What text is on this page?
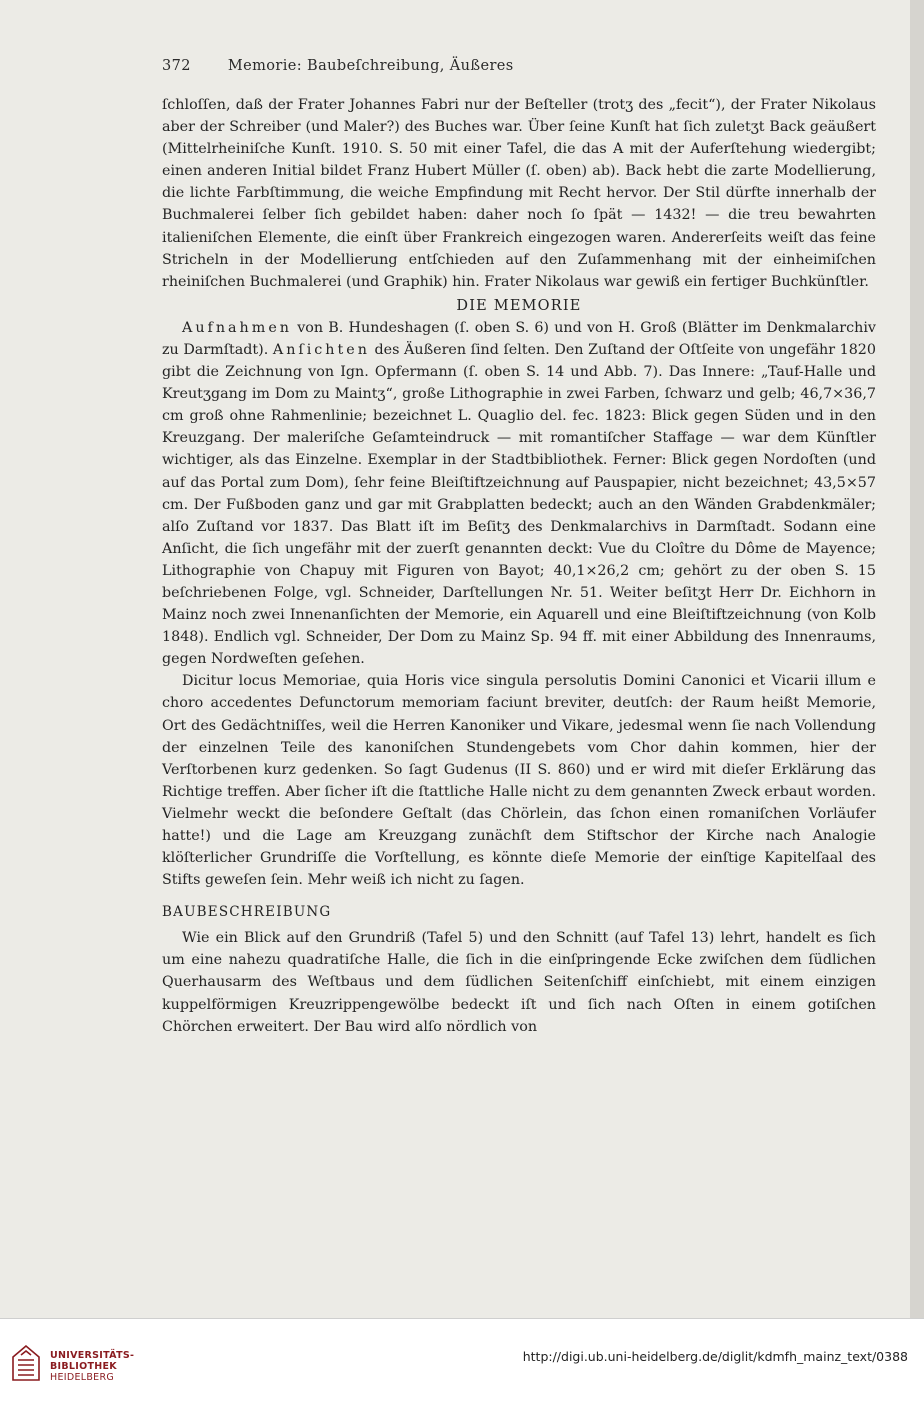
372	Memorie: Baubeſchreibung, Äußeres

ſchloſſen, daß der Frater Johannes Fabri nur der Beſteller (trotʒ des „fecit“), der Frater Nikolaus aber der Schreiber (und Maler?) des Buches war. Über ſeine Kunſt hat ſich zuletʒt Back geäußert (Mittelrheiniſche Kunſt. 1910. S. 50 mit einer Tafel, die das A mit der Auferſtehung wiedergibt; einen anderen Initial bildet Franz Hubert Müller (ſ. oben) ab). Back hebt die zarte Modellierung, die lichte Farbſtimmung, die weiche Empfindung mit Recht hervor. Der Stil dürfte innerhalb der Buchmalerei ſelber ſich gebildet haben: daher noch ſo ſpät — 1432! — die treu bewahrten italieniſchen Elemente, die einſt über Frankreich eingezogen waren. Andererſeits weiſt das feine Stricheln in der Modellierung entſchieden auf den Zuſammenhang mit der einheimiſchen rheiniſchen Buchmalerei (und Graphik) hin. Frater Nikolaus war gewiß ein fertiger Buchkünſtler.

DIE MEMORIE

Aufnahmen von B. Hundeshagen (ſ. oben S. 6) und von H. Groß (Blätter im Denkmalarchiv zu Darmſtadt). Anſichten des Äußeren ſind ſelten. Den Zuſtand der Oſtſeite von ungefähr 1820 gibt die Zeichnung von Ign. Opfermann (ſ. oben S. 14 und Abb. 7). Das Innere: „Tauf-Halle und Kreutʒgang im Dom zu Maintʒ“, große Lithographie in zwei Farben, ſchwarz und gelb; 46,7×36,7 cm groß ohne Rahmenlinie; bezeichnet L. Quaglio del. fec. 1823: Blick gegen Süden und in den Kreuzgang. Der maleriſche Geſamteindruck — mit romantiſcher Staffage — war dem Künſtler wichtiger, als das Einzelne. Exemplar in der Stadtbibliothek. Ferner: Blick gegen Nordoſten (und auf das Portal zum Dom), ſehr feine Bleiſtiftzeichnung auf Pauspapier, nicht bezeichnet; 43,5×57 cm. Der Fußboden ganz und gar mit Grabplatten bedeckt; auch an den Wänden Grabdenkmäler; alſo Zuſtand vor 1837. Das Blatt iſt im Beſitʒ des Denkmalarchivs in Darmſtadt. Sodann eine Anſicht, die ſich ungefähr mit der zuerſt genannten deckt: Vue du Cloître du Dôme de Mayence; Lithographie von Chapuy mit Figuren von Bayot; 40,1×26,2 cm; gehört zu der oben S. 15 beſchriebenen Folge, vgl. Schneider, Darſtellungen Nr. 51. Weiter beſitʒt Herr Dr. Eichhorn in Mainz noch zwei Innenanſichten der Memorie, ein Aquarell und eine Bleiſtiftzeichnung (von Kolb 1848). Endlich vgl. Schneider, Der Dom zu Mainz Sp. 94 ff. mit einer Abbildung des Innenraums, gegen Nordweſten geſehen.

Dicitur locus Memoriae, quia Horis vice singula persolutis Domini Canonici et Vicarii illum e choro accedentes Defunctorum memoriam faciunt breviter, deutſch: der Raum heißt Memorie, Ort des Gedächtniſſes, weil die Herren Kanoniker und Vikare, jedesmal wenn ſie nach Vollendung der einzelnen Teile des kanoniſchen Stundengebets vom Chor dahin kommen, hier der Verſtorbenen kurz gedenken. So ſagt Gudenus (II S. 860) und er wird mit dieſer Erklärung das Richtige treffen. Aber ſicher iſt die ſtattliche Halle nicht zu dem genannten Zweck erbaut worden. Vielmehr weckt die beſondere Geſtalt (das Chörlein, das ſchon einen romaniſchen Vorläufer hatte!) und die Lage am Kreuzgang zunächſt dem Stiftschor der Kirche nach Analogie klöſterlicher Grundriſſe die Vorſtellung, es könnte dieſe Memorie der einſtige Kapitelſaal des Stifts geweſen ſein. Mehr weiß ich nicht zu ſagen.

BAUBESCHREIBUNG

Wie ein Blick auf den Grundriß (Tafel 5) und den Schnitt (auf Tafel 13) lehrt, handelt es ſich um eine nahezu quadratiſche Halle, die ſich in die einſpringende Ecke zwiſchen dem ſüdlichen Querhausarm des Weſtbaus und dem ſüdlichen Seitenſchiff einſchiebt, mit einem einzigen kuppelförmigen Kreuzrippengewölbe bedeckt iſt und ſich nach Oſten in einem gotiſchen Chörchen erweitert. Der Bau wird alſo nördlich von

UNIVERSITÄTS-
BIBLIOTHEK
HEIDELBERG
http://digi.ub.uni-heidelberg.de/diglit/kdmfh_mainz_text/0388
